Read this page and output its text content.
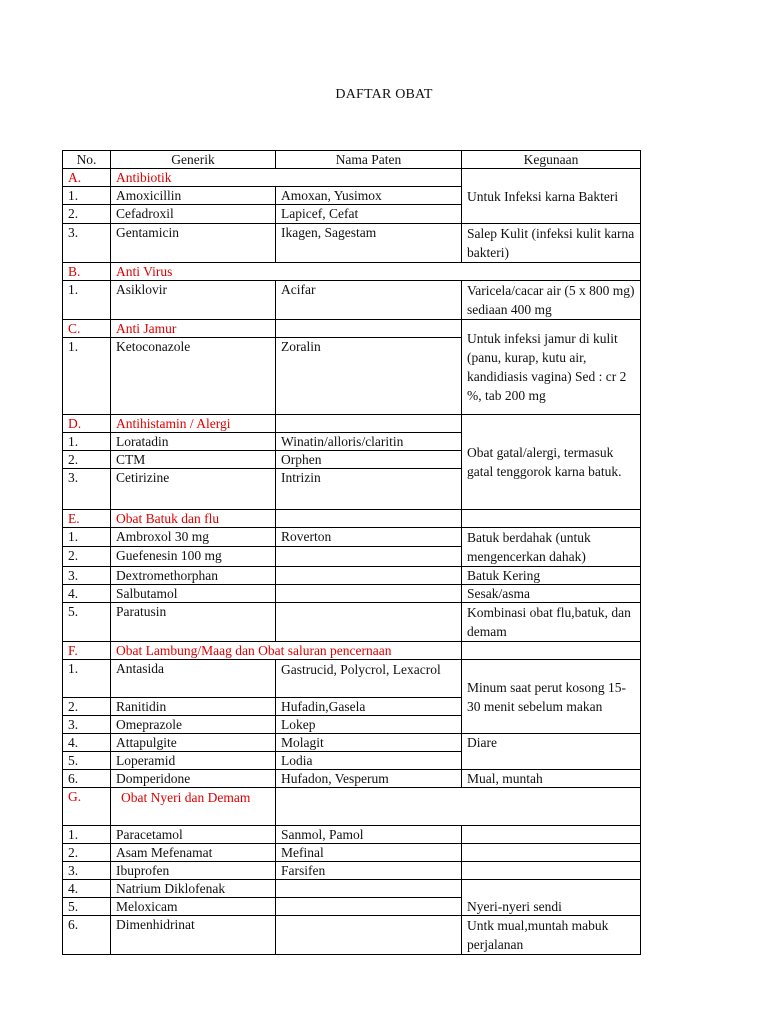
DAFTAR OBAT
No.	Generik	Nama Paten	Kegunaan
A.	Antibiotik		Untuk Infeksi karna Bakteri
1.	Amoxicillin	Amoxan, Yusimox	
2.	Cefadroxil	Lapicef, Cefat	
3.	Gentamicin	Ikagen, Sagestam	Salep Kulit (infeksi kulit karna bakteri)
B.	Anti Virus		
1.	Asiklovir	Acifar	Varicela/cacar air (5 x 800 mg) sediaan 400 mg
C.	Anti Jamur		Untuk infeksi jamur di kulit (panu, kurap, kutu air, kandidiasis vagina) Sed : cr 2 %, tab 200 mg
1.	Ketoconazole	Zoralin	
D.	Antihistamin / Alergi		Obat gatal/alergi, termasuk gatal tenggorok karna batuk.
1.	Loratadin	Winatin/alloris/claritin	
2.	CTM	Orphen	
3.	Cetirizine	Intrizin	
E.	Obat Batuk dan flu		
1.	Ambroxol 30 mg	Roverton	Batuk berdahak (untuk mengencerkan dahak)
2.	Guefenesin 100 mg		
3.	Dextromethorphan		Batuk Kering
4.	Salbutamol		Sesak/asma
5.	Paratusin		Kombinasi obat flu,batuk, dan demam
F.	Obat Lambung/Maag dan Obat saluran pencernaan		
1.	Antasida	Gastrucid, Polycrol, Lexacrol	Minum saat perut kosong 15-30 menit sebelum makan
2.	Ranitidin	Hufadin,Gasela	
3.	Omeprazole	Lokep	
4.	Attapulgite	Molagit	Diare
5.	Loperamid	Lodia	
6.	Domperidone	Hufadon, Vesperum	Mual, muntah
G.	Obat Nyeri dan Demam		
1.	Paracetamol	Sanmol, Pamol	
2.	Asam Mefenamat	Mefinal	
3.	Ibuprofen	Farsifen	
4.	Natrium Diklofenak		Nyeri-nyeri sendi
5.	Meloxicam		
6.	Dimenhidrinat		Untk mual,muntah mabuk perjalanan
